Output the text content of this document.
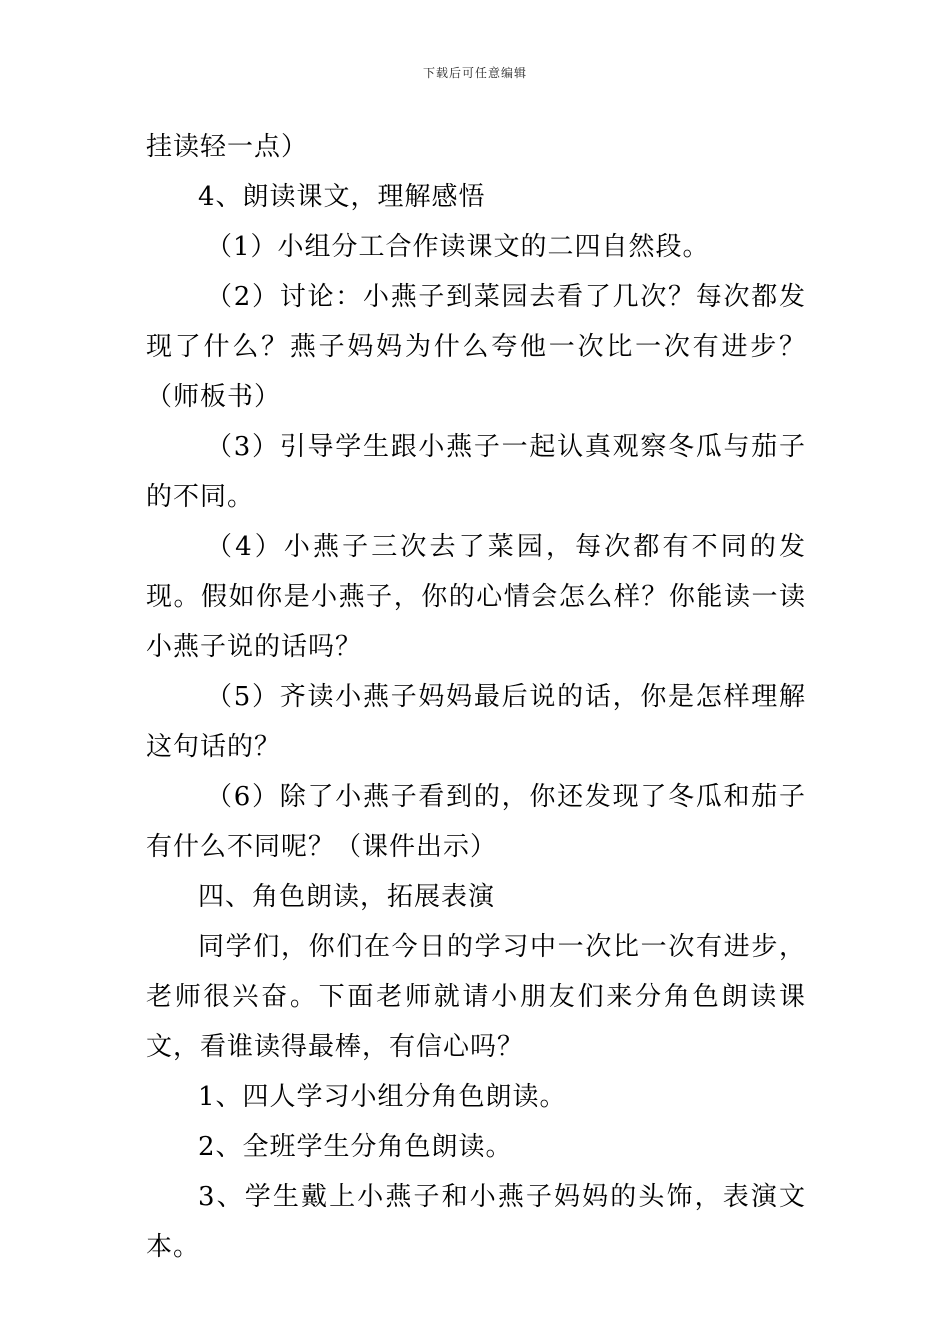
下载后可任意编辑

挂读轻一点）

4、朗读课文，理解感悟

（1）小组分工合作读课文的二四自然段。

（2）讨论：小燕子到菜园去看了几次？每次都发现了什么？燕子妈妈为什么夸他一次比一次有进步？（师板书）

（3）引导学生跟小燕子一起认真观察冬瓜与茄子的不同。

（4）小燕子三次去了菜园，每次都有不同的发现。假如你是小燕子，你的心情会怎么样？你能读一读小燕子说的话吗？

（5）齐读小燕子妈妈最后说的话，你是怎样理解这句话的？

（6）除了小燕子看到的，你还发现了冬瓜和茄子有什么不同呢？（课件出示）

四、角色朗读，拓展表演

同学们，你们在今日的学习中一次比一次有进步，老师很兴奋。下面老师就请小朋友们来分角色朗读课文，看谁读得最棒，有信心吗？

1、四人学习小组分角色朗读。

2、全班学生分角色朗读。

3、学生戴上小燕子和小燕子妈妈的头饰，表演文本。
